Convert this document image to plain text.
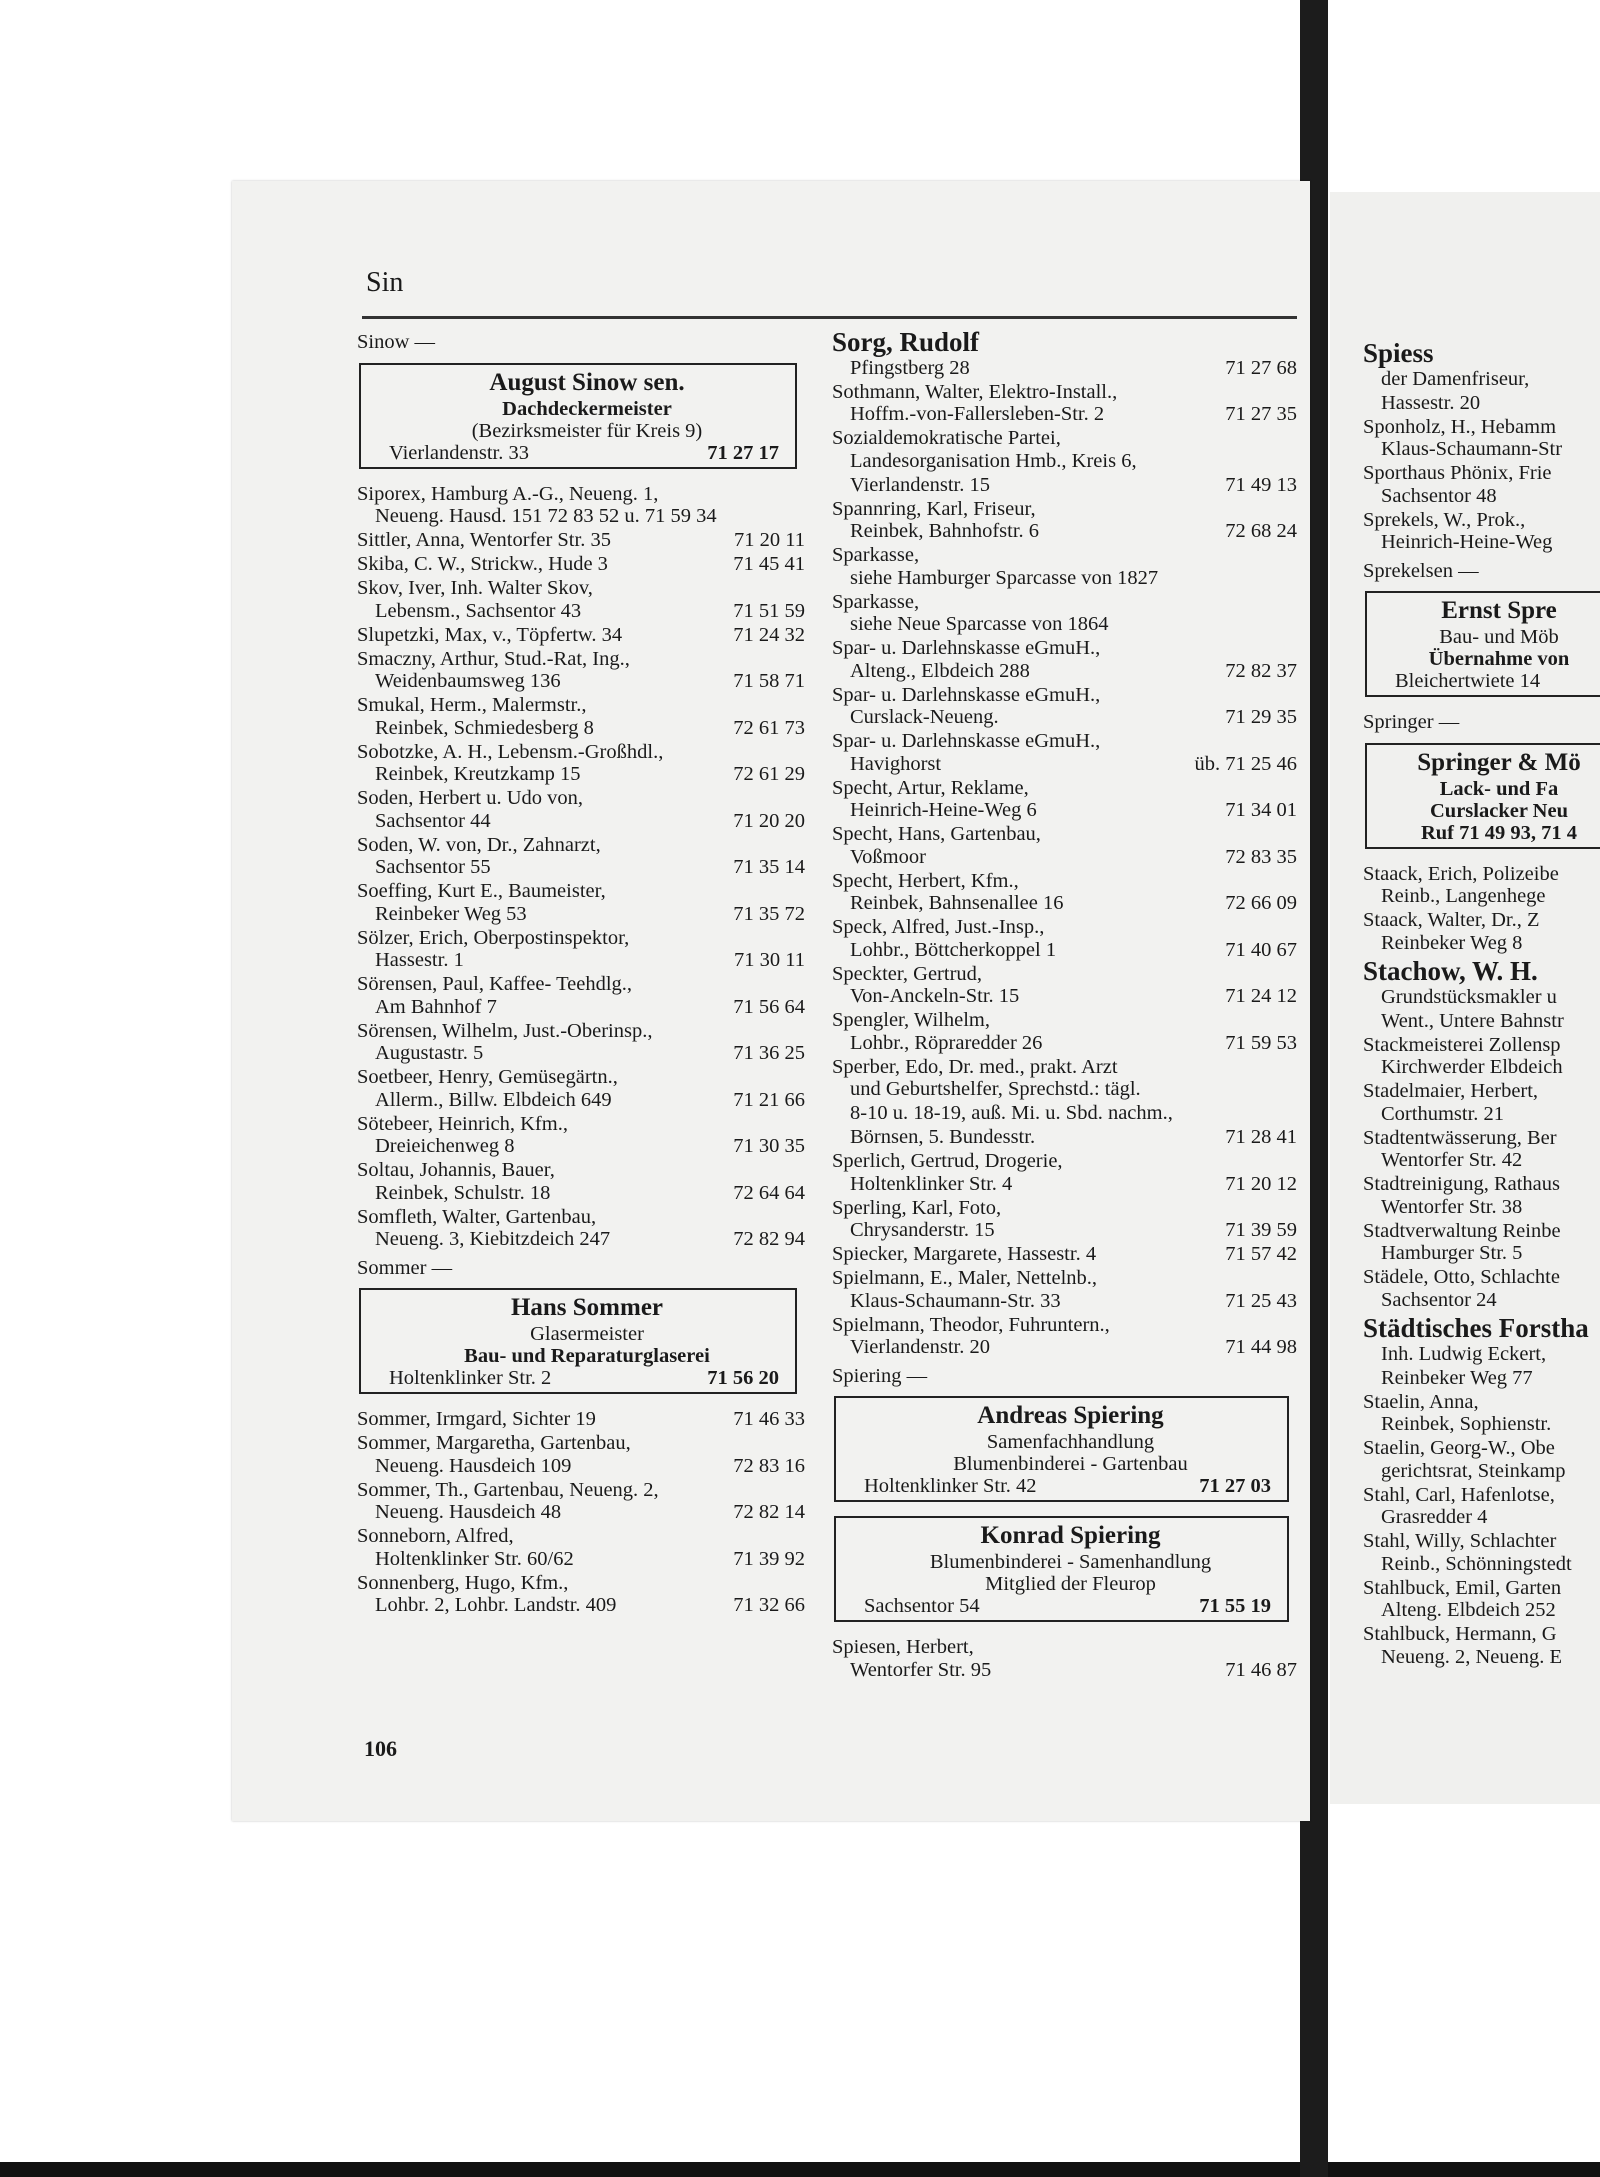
Sin
Sinow —
August Sinow sen.
Dachdeckermeister
(Bezirksmeister für Kreis 9)
Vierlandenstr. 33	71 27 17
Siporex, Hamburg A.-G., Neueng. 1,
Neueng. Hausd. 151 72 83 52 u. 71 59 34
Sittler, Anna, Wentorfer Str. 35	71 20 11
Skiba, C. W., Strickw., Hude 3	71 45 41
Skov, Iver, Inh. Walter Skov,
Lebensm., Sachsentor 43	71 51 59
Slupetzki, Max, v., Töpfertw. 34	71 24 32
Smaczny, Arthur, Stud.-Rat, Ing.,
Weidenbaumsweg 136	71 58 71
Smukal, Herm., Malermstr.,
Reinbek, Schmiedesberg 8	72 61 73
Sobotzke, A. H., Lebensm.-Großhdl.,
Reinbek, Kreutzkamp 15	72 61 29
Soden, Herbert u. Udo von,
Sachsentor 44	71 20 20
Soden, W. von, Dr., Zahnarzt,
Sachsentor 55	71 35 14
Soeffing, Kurt E., Baumeister,
Reinbeker Weg 53	71 35 72
Sölzer, Erich, Oberpostinspektor,
Hassestr. 1	71 30 11
Sörensen, Paul, Kaffee- Teehdlg.,
Am Bahnhof 7	71 56 64
Sörensen, Wilhelm, Just.-Oberinsp.,
Augustastr. 5	71 36 25
Soetbeer, Henry, Gemüsegärtn.,
Allerm., Billw. Elbdeich 649	71 21 66
Sötebeer, Heinrich, Kfm.,
Dreieichenweg 8	71 30 35
Soltau, Johannis, Bauer,
Reinbek, Schulstr. 18	72 64 64
Somfleth, Walter, Gartenbau,
Neueng. 3, Kiebitzdeich 247	72 82 94
Sommer —
Hans Sommer
Glasermeister
Bau- und Reparaturglaserei
Holtenklinker Str. 2	71 56 20
Sommer, Irmgard, Sichter 19	71 46 33
Sommer, Margaretha, Gartenbau,
Neueng. Hausdeich 109	72 83 16
Sommer, Th., Gartenbau, Neueng. 2,
Neueng. Hausdeich 48	72 82 14
Sonneborn, Alfred,
Holtenklinker Str. 60/62	71 39 92
Sonnenberg, Hugo, Kfm.,
Lohbr. 2, Lohbr. Landstr. 409	71 32 66
Sorg, Rudolf
Pfingstberg 28	71 27 68
Sothmann, Walter, Elektro-Install.,
Hoffm.-von-Fallersleben-Str. 2	71 27 35
Sozialdemokratische Partei,
Landesorganisation Hmb., Kreis 6,
Vierlandenstr. 15	71 49 13
Spannring, Karl, Friseur,
Reinbek, Bahnhofstr. 6	72 68 24
Sparkasse,
siehe Hamburger Sparcasse von 1827
Sparkasse,
siehe Neue Sparcasse von 1864
Spar- u. Darlehnskasse eGmuH.,
Alteng., Elbdeich 288	72 82 37
Spar- u. Darlehnskasse eGmuH.,
Curslack-Neueng.	71 29 35
Spar- u. Darlehnskasse eGmuH.,
Havighorst	üb. 71 25 46
Specht, Artur, Reklame,
Heinrich-Heine-Weg 6	71 34 01
Specht, Hans, Gartenbau,
Voßmoor	72 83 35
Specht, Herbert, Kfm.,
Reinbek, Bahnsenallee 16	72 66 09
Speck, Alfred, Just.-Insp.,
Lohbr., Böttcherkoppel 1	71 40 67
Speckter, Gertrud,
Von-Anckeln-Str. 15	71 24 12
Spengler, Wilhelm,
Lohbr., Röpraredder 26	71 59 53
Sperber, Edo, Dr. med., prakt. Arzt
und Geburtshelfer, Sprechstd.: tägl.
8-10 u. 18-19, auß. Mi. u. Sbd. nachm.,
Börnsen, 5. Bundesstr.	71 28 41
Sperlich, Gertrud, Drogerie,
Holtenklinker Str. 4	71 20 12
Sperling, Karl, Foto,
Chrysanderstr. 15	71 39 59
Spiecker, Margarete, Hassestr. 4	71 57 42
Spielmann, E., Maler, Nettelnb.,
Klaus-Schaumann-Str. 33	71 25 43
Spielmann, Theodor, Fuhruntern.,
Vierlandenstr. 20	71 44 98
Spiering —
Andreas Spiering
Samenfachhandlung
Blumenbinderei - Gartenbau
Holtenklinker Str. 42	71 27 03
Konrad Spiering
Blumenbinderei - Samenhandlung
Mitglied der Fleurop
Sachsentor 54	71 55 19
Spiesen, Herbert,
Wentorfer Str. 95	71 46 87
106
Spiess
der Damenfriseur,
Hassestr. 20
Sponholz, H., Hebamm
Klaus-Schaumann-Str
Sporthaus Phönix, Frie
Sachsentor 48
Sprekels, W., Prok.,
Heinrich-Heine-Weg
Sprekelsen —
Ernst Spre
Bau- und Möb
Übernahme von
Bleichertwiete 14
Springer —
Springer & Mö
Lack- und Fa
Curslacker Neu
Ruf 71 49 93, 71 4
Staack, Erich, Polizeibe
Reinb., Langenhege
Staack, Walter, Dr., Z
Reinbeker Weg 8
Stachow, W. H.
Grundstücksmakler u
Went., Untere Bahnstr
Stackmeisterei Zollensp
Kirchwerder Elbdeich
Stadelmaier, Herbert,
Corthumstr. 21
Stadtentwässerung, Ber
Wentorfer Str. 42
Stadtreinigung, Rathaus
Wentorfer Str. 38
Stadtverwaltung Reinbe
Hamburger Str. 5
Städele, Otto, Schlachte
Sachsentor 24
Städtisches Forstha
Inh. Ludwig Eckert,
Reinbeker Weg 77
Staelin, Anna,
Reinbek, Sophienstr.
Staelin, Georg-W., Obe
gerichtsrat, Steinkamp
Stahl, Carl, Hafenlotse,
Grasredder 4
Stahl, Willy, Schlachter
Reinb., Schönningstedt
Stahlbuck, Emil, Garten
Alteng. Elbdeich 252
Stahlbuck, Hermann, G
Neueng. 2, Neueng. E
